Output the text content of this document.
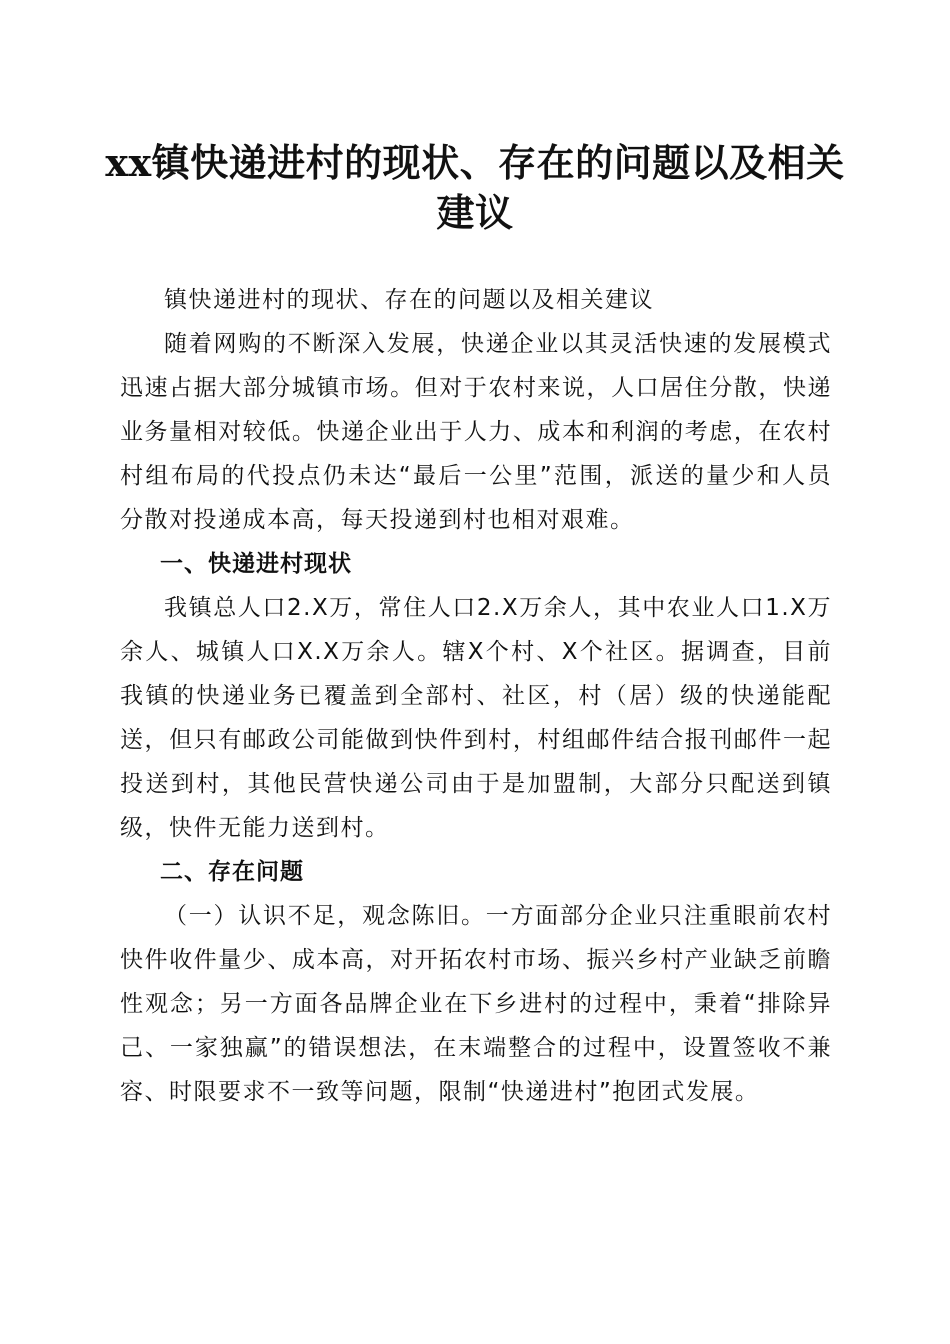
xx镇快递进村的现状、存在的问题以及相关
建议

镇快递进村的现状、存在的问题以及相关建议

随着网购的不断深入发展，快递企业以其灵活快速的发展模式迅速占据大部分城镇市场。但对于农村来说，人口居住分散，快递业务量相对较低。快递企业出于人力、成本和利润的考虑，在农村村组布局的代投点仍未达“最后一公里”范围，派送的量少和人员分散对投递成本高，每天投递到村也相对艰难。

一、快递进村现状

我镇总人口2.X万，常住人口2.X万余人，其中农业人口1.X万余人、城镇人口X.X万余人。辖X个村、X个社区。据调查，目前我镇的快递业务已覆盖到全部村、社区，村（居）级的快递能配送，但只有邮政公司能做到快件到村，村组邮件结合报刊邮件一起投送到村，其他民营快递公司由于是加盟制，大部分只配送到镇级，快件无能力送到村。

二、存在问题

（一）认识不足，观念陈旧。一方面部分企业只注重眼前农村快件收件量少、成本高，对开拓农村市场、振兴乡村产业缺乏前瞻性观念；另一方面各品牌企业在下乡进村的过程中，秉着“排除异己、一家独赢”的错误想法，在末端整合的过程中，设置签收不兼容、时限要求不一致等问题，限制“快递进村”抱团式发展。
